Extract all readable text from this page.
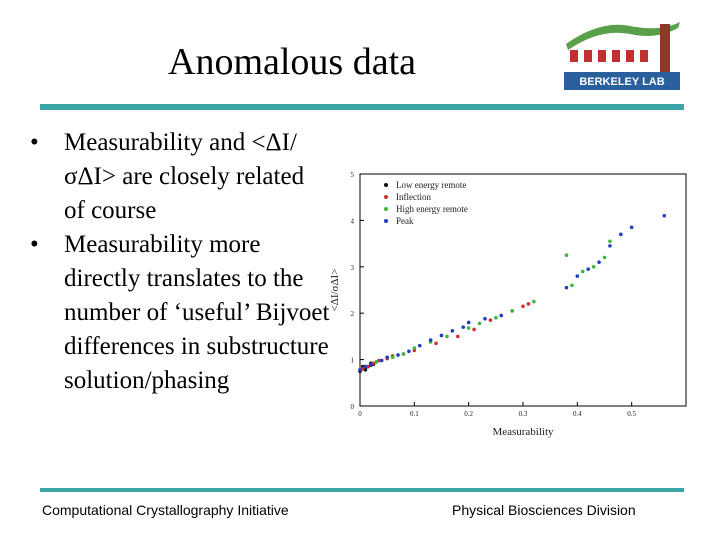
Anomalous data	BERKELEY LAB
• Measurability and <ΔI/σΔI> are closely related of course
• Measurability more directly translates to the number of ‘useful’ Bijvoet differences in substructure solution/phasing
0	0.1	0.2	0.3	0.4	0.5
0
1
2
3
4
5
Low energy remote
Inflection
High energy remote
Peak
Measurability
<ΔI/σΔI>
Computational Crystallography Initiative	Physical Biosciences Division
